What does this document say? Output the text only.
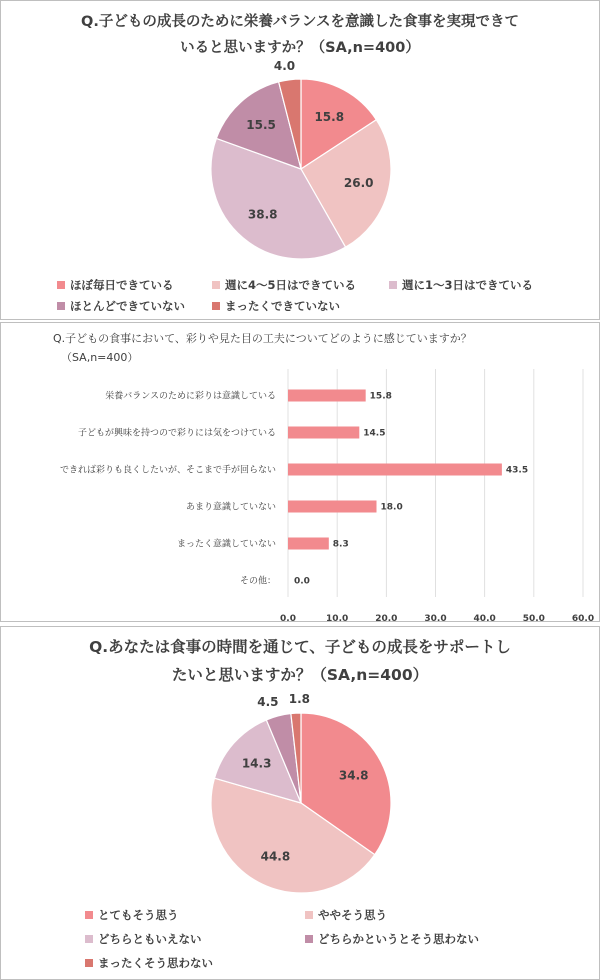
Q.子どもの成長のために栄養バランスを意識した食事を実現できて
いると思いますか？（SA,n=400）
15.8
26.0
38.8
15.5
4.0
ほぼ毎日できている	週に4～5日はできている	週に1～3日はできている
ほとんどできていない	まったくできていない
Q.子どもの食事において、彩りや見た目の工夫についてどのように感じていますか？
（SA,n=400）
0.0	10.0	20.0	30.0	40.0	50.0	60.0
栄養バランスのために彩りは意識している	15.8
子どもが興味を持つので彩りには気をつけている	14.5
できれば彩りも良くしたいが、そこまで手が回らない	43.5
あまり意識していない	18.0
まったく意識していない	8.3
その他： 0.0
Q.あなたは食事の時間を通じて、子どもの成長をサポートし
たいと思いますか？（SA,n=400）
34.8
44.8
14.3
4.5 1.8
とてもそう思う	ややそう思う
どちらともいえない	どちらかというとそう思わない
まったくそう思わない
